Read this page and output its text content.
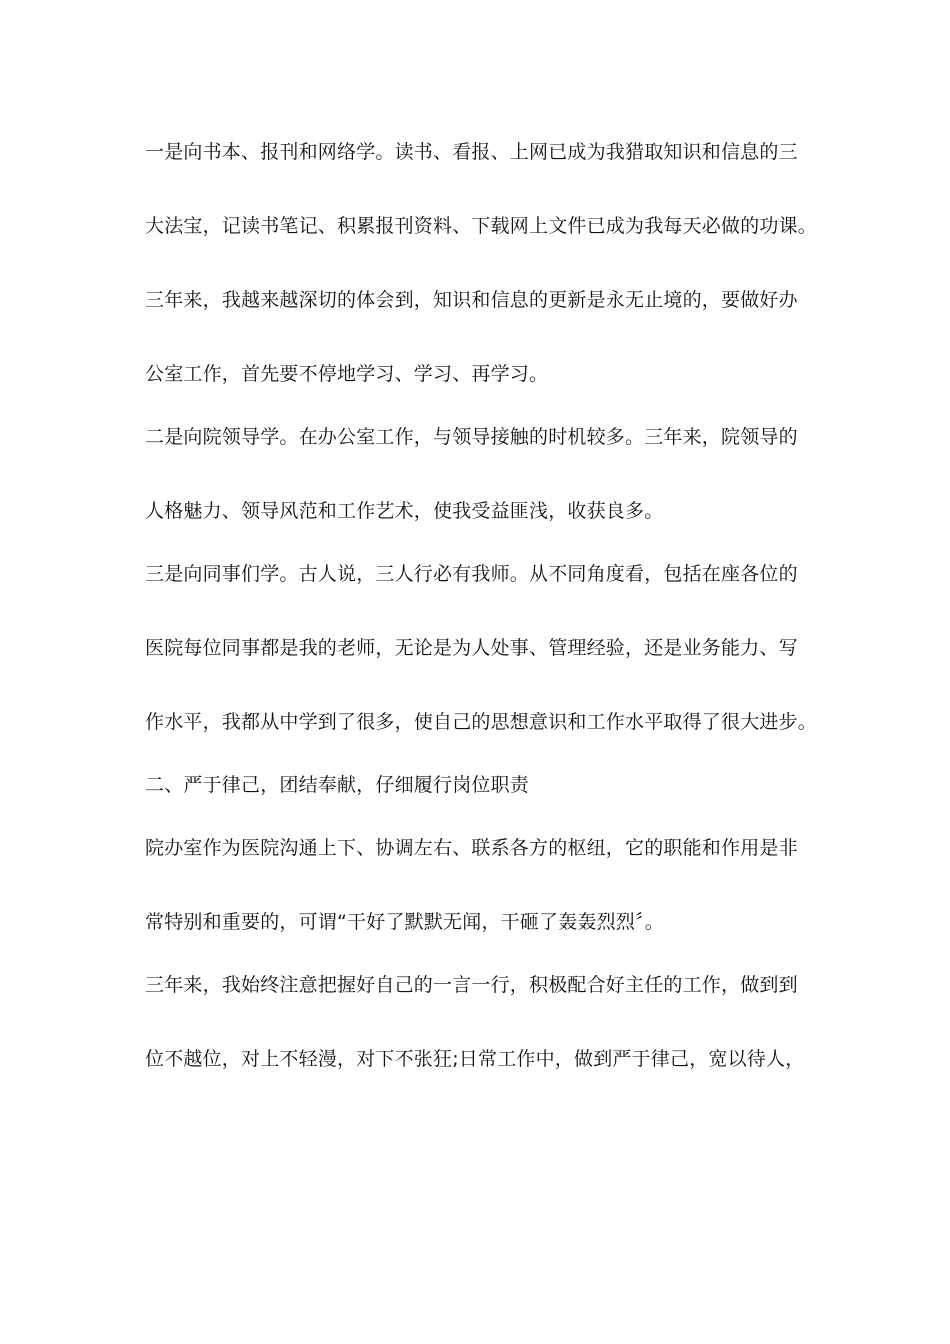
一是向书本、报刊和网络学。读书、看报、上网已成为我猎取知识和信息的三
大法宝，记读书笔记、积累报刊资料、下载网上文件已成为我每天必做的功课。
三年来，我越来越深切的体会到，知识和信息的更新是永无止境的，要做好办
公室工作，首先要不停地学习、学习、再学习。
二是向院领导学。在办公室工作，与领导接触的时机较多。三年来，院领导的
人格魅力、领导风范和工作艺术，使我受益匪浅，收获良多。
三是向同事们学。古人说，三人行必有我师。从不同角度看，包括在座各位的
医院每位同事都是我的老师，无论是为人处事、管理经验，还是业务能力、写
作水平，我都从中学到了很多，使自己的思想意识和工作水平取得了很大进步。
二、严于律己，团结奉献，仔细履行岗位职责
院办室作为医院沟通上下、协调左右、联系各方的枢纽，它的职能和作用是非
常特别和重要的，可谓“干好了默默无闻，干砸了轰轰烈烈〞。
三年来，我始终注意把握好自己的一言一行，积极配合好主任的工作，做到到
位不越位，对上不轻漫，对下不张狂;日常工作中，做到严于律己，宽以待人，
